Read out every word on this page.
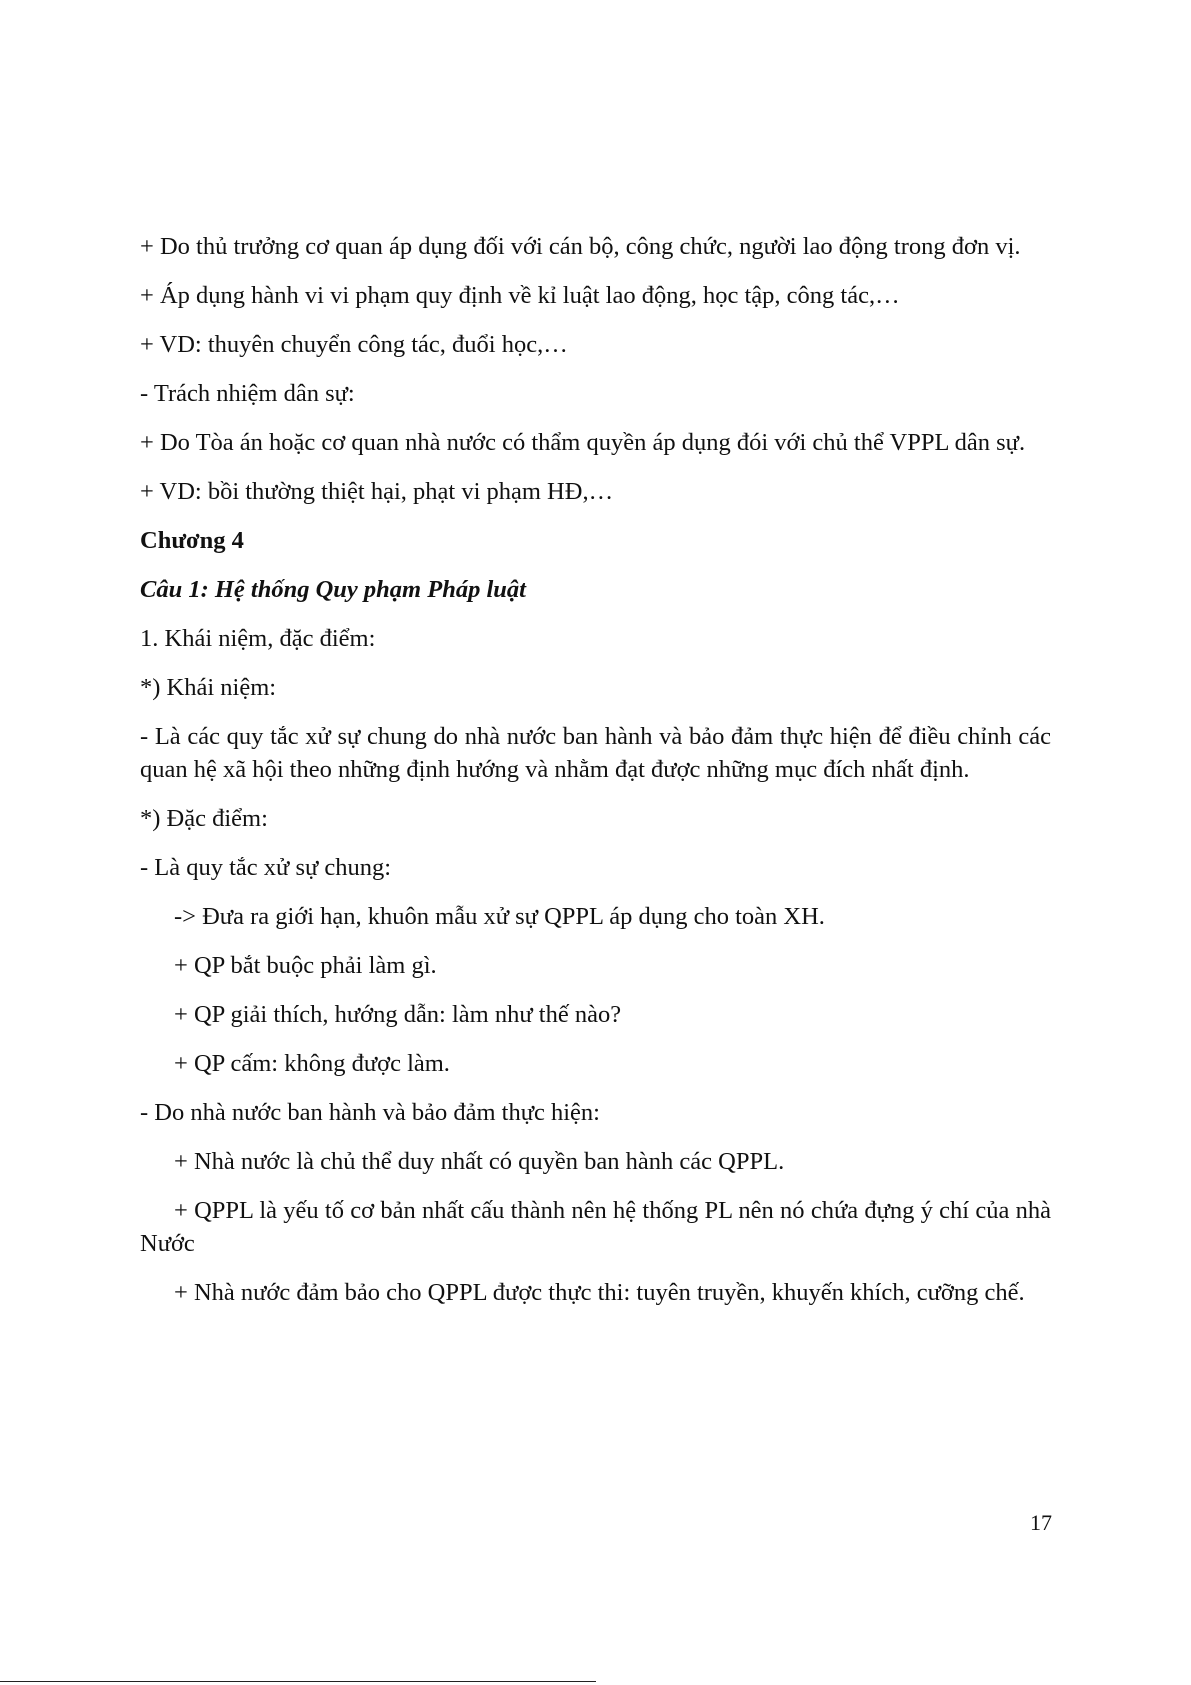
+ Do thủ trưởng cơ quan áp dụng đối với cán bộ, công chức, người lao động trong đơn vị.

+ Áp dụng hành vi vi phạm quy định về kỉ luật lao động, học tập, công tác,…

+ VD: thuyên chuyển công tác, đuổi học,…

- Trách nhiệm dân sự:

+ Do Tòa án hoặc cơ quan nhà nước có thẩm quyền áp dụng đói với chủ thể VPPL dân sự.

+ VD: bồi thường thiệt hại, phạt vi phạm HĐ,…

Chương 4

Câu 1: Hệ thống Quy phạm Pháp luật

1. Khái niệm, đặc điểm:

*) Khái niệm:

- Là các quy tắc xử sự chung do nhà nước ban hành và bảo đảm thực hiện để điều chỉnh các quan hệ xã hội theo những định hướng và nhằm đạt được những mục đích nhất định.

*) Đặc điểm:

- Là quy tắc xử sự chung:

-> Đưa ra giới hạn, khuôn mẫu xử sự QPPL áp dụng cho toàn XH.

+ QP bắt buộc phải làm gì.

+ QP giải thích, hướng dẫn: làm như thế nào?

+ QP cấm: không được làm.

- Do nhà nước ban hành và bảo đảm thực hiện:

+ Nhà nước là chủ thể duy nhất có quyền ban hành các QPPL.

+ QPPL là yếu tố cơ bản nhất cấu thành nên hệ thống PL nên nó chứa đựng ý chí của nhà Nước

+ Nhà nước đảm bảo cho QPPL được thực thi: tuyên truyền, khuyến khích, cưỡng chế.

17
